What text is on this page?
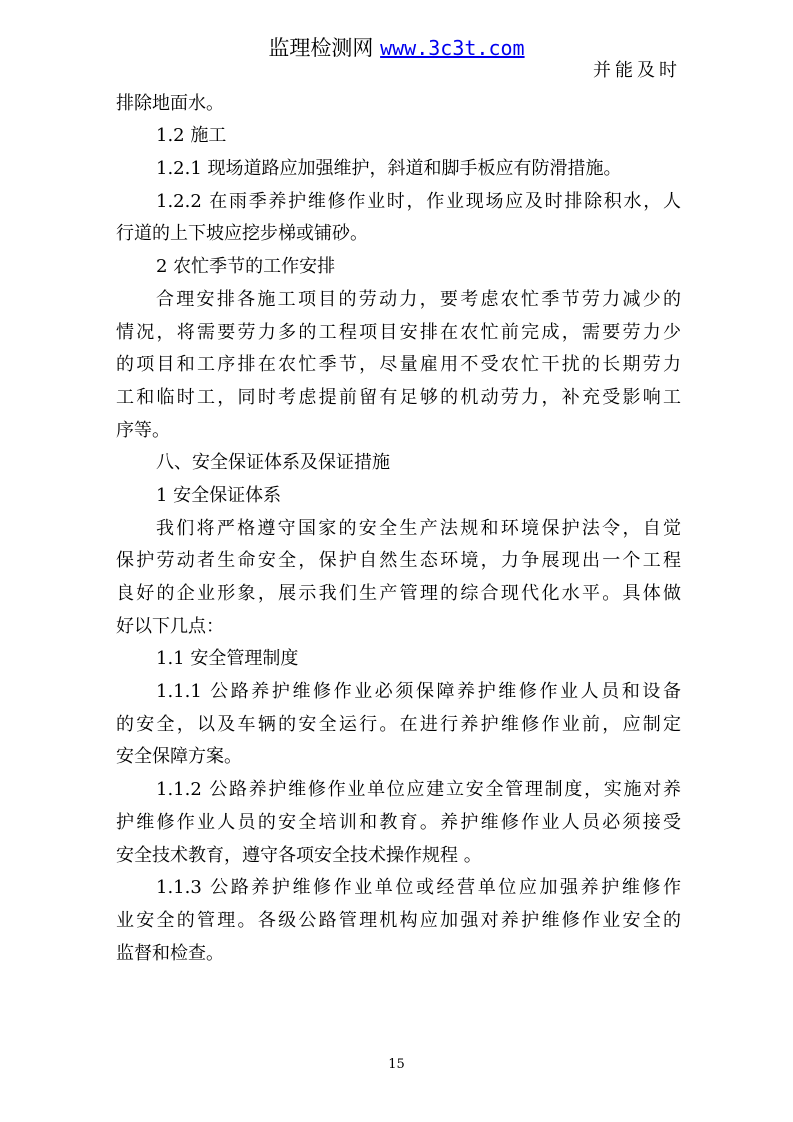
监理检测网 www.3c3t.com
并能及时
排除地面水。
1.2 施工
1.2.1 现场道路应加强维护，斜道和脚手板应有防滑措施。
1.2.2 在雨季养护维修作业时，作业现场应及时排除积水，人
行道的上下坡应挖步梯或铺砂。
2 农忙季节的工作安排
合理安排各施工项目的劳动力，要考虑农忙季节劳力减少的
情况，将需要劳力多的工程项目安排在农忙前完成，需要劳力少
的项目和工序排在农忙季节，尽量雇用不受农忙干扰的长期劳力
工和临时工，同时考虑提前留有足够的机动劳力，补充受影响工
序等。
八、安全保证体系及保证措施
1 安全保证体系
我们将严格遵守国家的安全生产法规和环境保护法令，自觉
保护劳动者生命安全，保护自然生态环境，力争展现出一个工程
良好的企业形象，展示我们生产管理的综合现代化水平。具体做
好以下几点：
1.1 安全管理制度
1.1.1 公路养护维修作业必须保障养护维修作业人员和设备
的安全，以及车辆的安全运行。在进行养护维修作业前，应制定
安全保障方案。
1.1.2 公路养护维修作业单位应建立安全管理制度，实施对养
护维修作业人员的安全培训和教育。养护维修作业人员必须接受
安全技术教育，遵守各项安全技术操作规程 。
1.1.3 公路养护维修作业单位或经营单位应加强养护维修作
业安全的管理。各级公路管理机构应加强对养护维修作业安全的
监督和检查。
15
